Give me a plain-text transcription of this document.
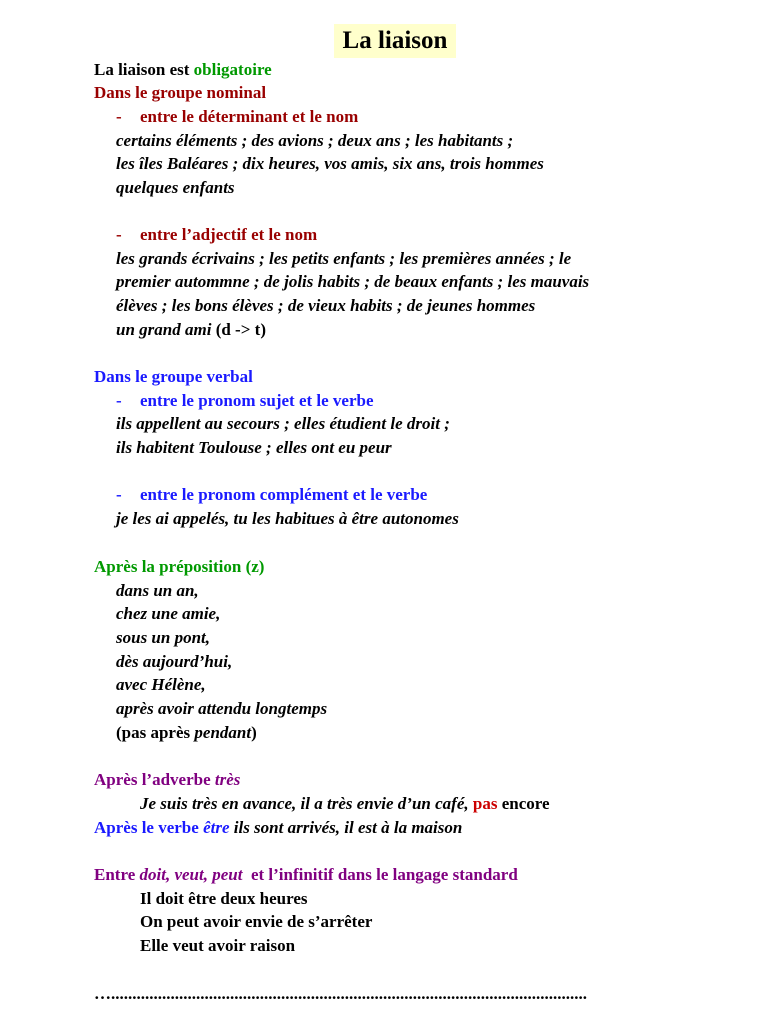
La liaison
La liaison est obligatoire
Dans le groupe nominal
- entre le déterminant et le nom
certains éléments ; des avions ; deux ans ; les habitants ;
les îles Baléares ; dix heures, vos amis, six ans, trois hommes
quelques enfants
- entre l’adjectif et le nom
les grands écrivains ; les petits enfants ; les premières années ; le
premier autommne ; de jolis habits ; de beaux enfants ; les mauvais
élèves ; les bons élèves ; de vieux habits ; de jeunes hommes
un grand ami (d -> t)
Dans le groupe verbal
- entre le pronom sujet et le verbe
ils appellent au secours ; elles étudient le droit ;
ils habitent Toulouse ; elles ont eu peur
- entre le pronom complément et le verbe
je les ai appelés, tu les habitues à être autonomes
Après la préposition (z)
dans un an,
chez une amie,
sous un pont,
dès aujourd’hui,
avec Hélène,
après avoir attendu longtemps
(pas après pendant)
Après l’adverbe très
Je suis très en avance, il a très envie d’un café, pas encore
Après le verbe être ils sont arrivés, il est à la maison
Entre doit, veut, peut  et l’infinitif dans le langage standard
Il doit être deux heures
On peut avoir envie de s’arrêter
Elle veut avoir raison
…................................................................................................................
